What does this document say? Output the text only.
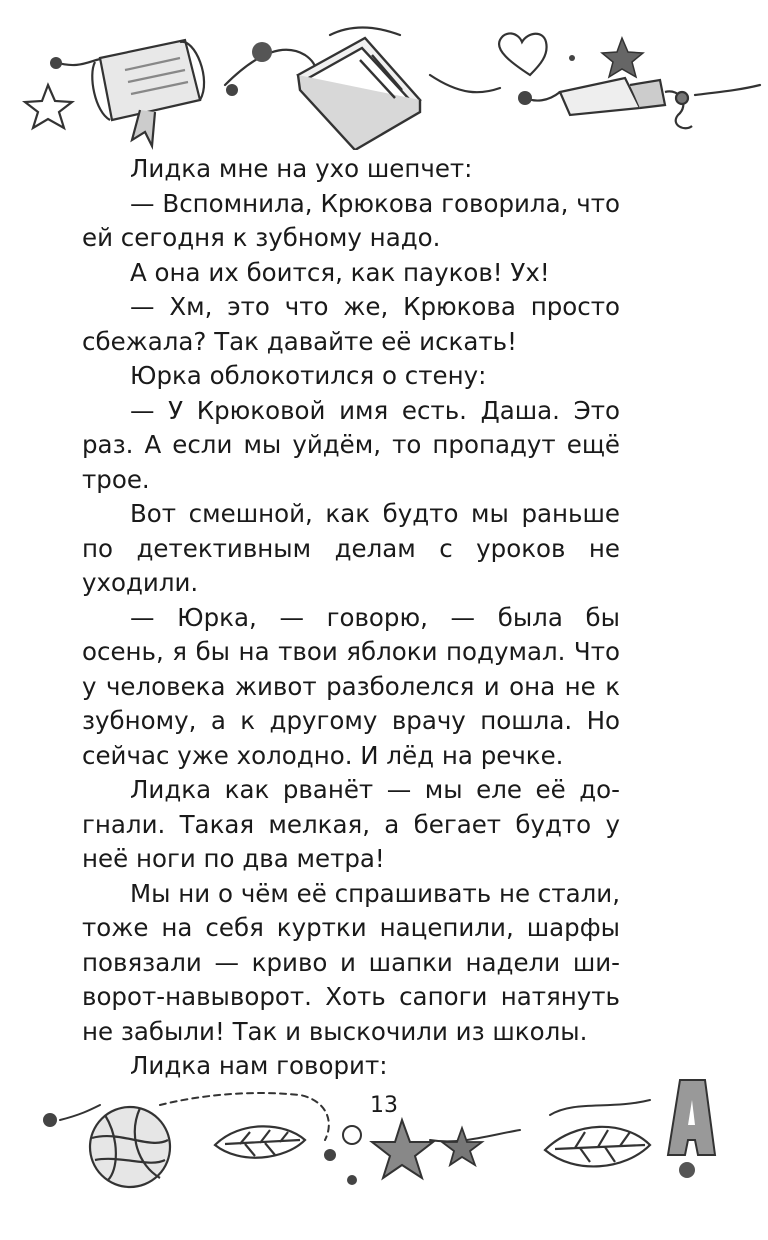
Лидка мне на ухо шепчет:

— Вспомнила, Крюкова говорила, что ей сегодня к зубному надо.

А она их боится, как пауков! Ух!

— Хм, это что же, Крюкова просто сбежала? Так давайте её искать!

Юрка облокотился о стену:

— У Крюковой имя есть. Даша. Это раз. А если мы уйдём, то пропадут ещё трое.

Вот смешной, как будто мы раньше по детективным делам с уроков не уходили.

— Юрка, — говорю, — была бы осень, я бы на твои яблоки подумал. Что у человека живот разболелся и она не к зубному, а к другому врачу пошла. Но сейчас уже холодно. И лёд на речке.

Лидка как рванёт — мы еле её до-гнали. Такая мелкая, а бегает будто у неё ноги по два метра!

Мы ни о чём её спрашивать не стали, тоже на себя куртки нацепили, шарфы повязали — криво и шапки надели ши-ворот-навыворот. Хоть сапоги натянуть не забыли! Так и выскочили из школы.

Лидка нам говорит:

13
